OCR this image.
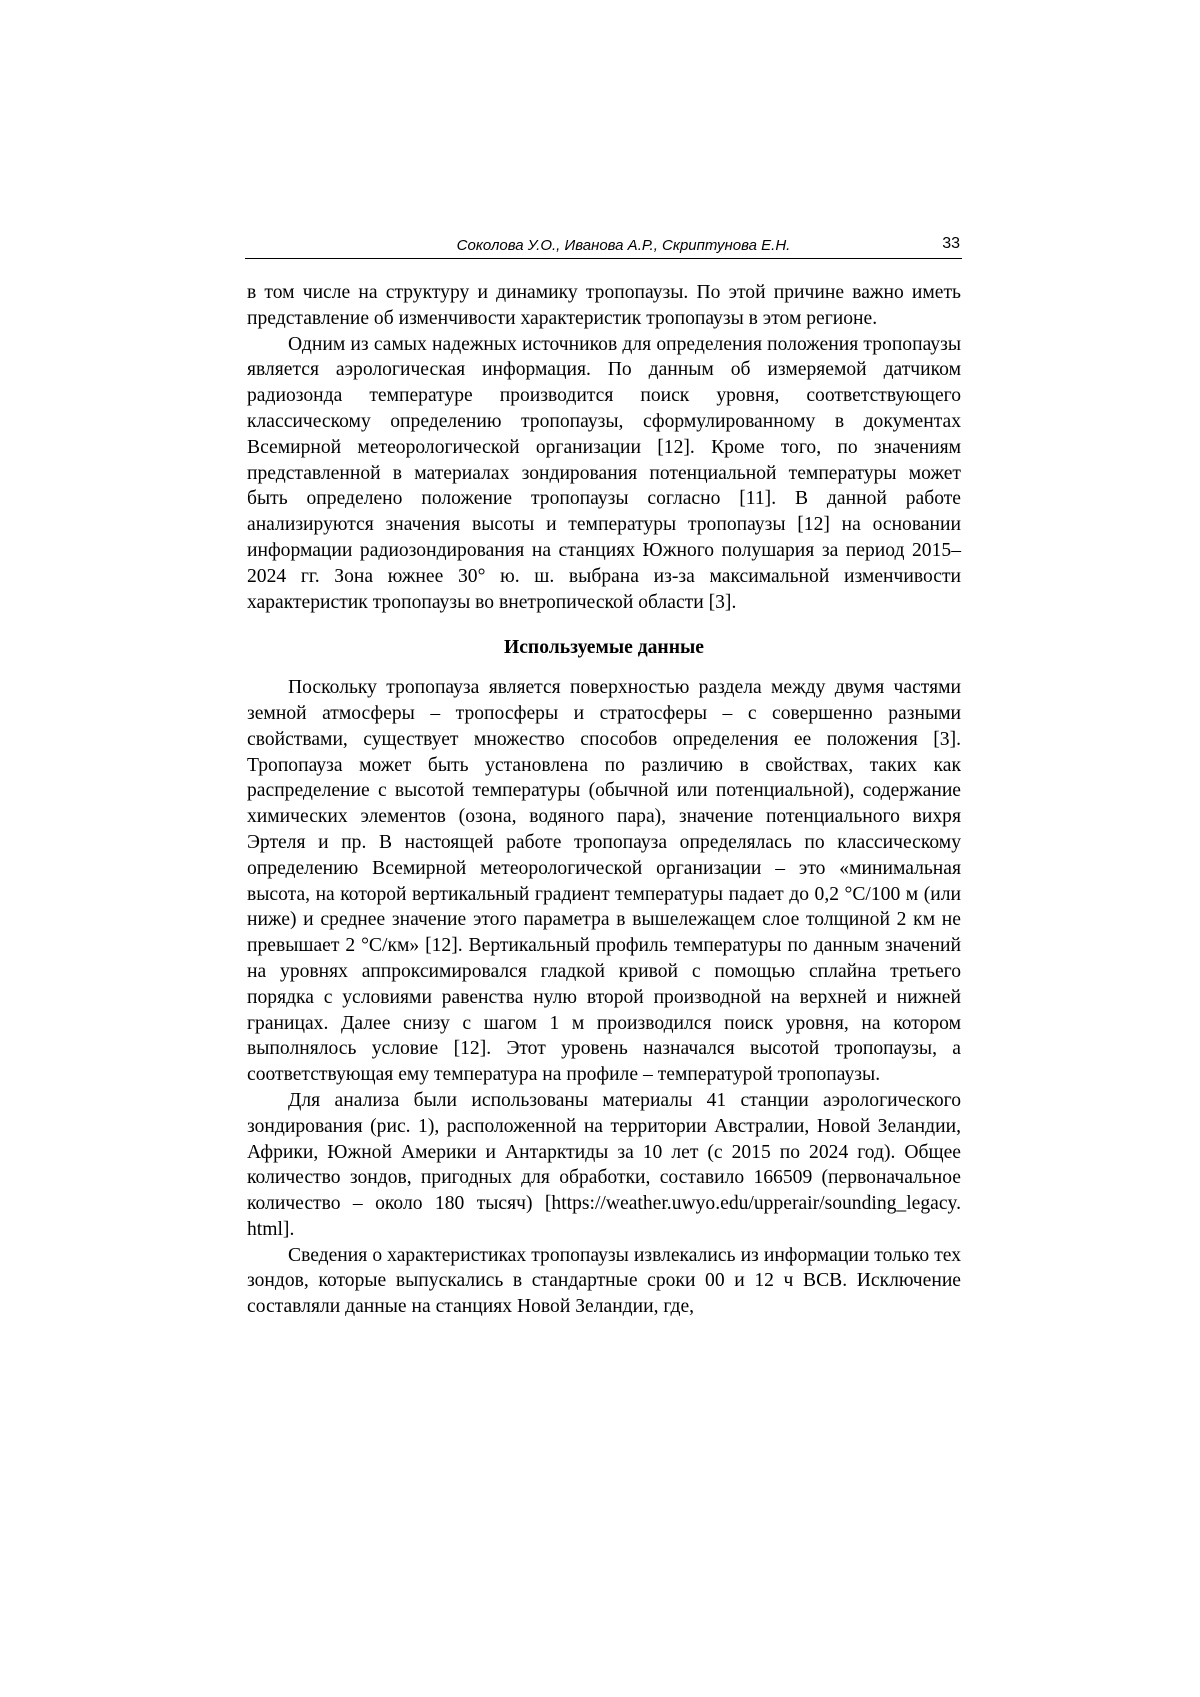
Соколова У.О., Иванова А.Р., Скриптунова Е.Н.	33

в том числе на структуру и динамику тропопаузы. По этой причине важно иметь представление об изменчивости характеристик тропопаузы в этом регионе.

Одним из самых надежных источников для определения положения тропопаузы является аэрологическая информация. По данным об измеряемой датчиком радиозонда температуре производится поиск уровня, соответствующего классическому определению тропопаузы, сформулированному в документах Всемирной метеорологической организации [12]. Кроме того, по значениям представленной в материалах зондирования потенциальной температуры может быть определено положение тропопаузы согласно [11]. В данной работе анализируются значения высоты и температуры тропопаузы [12] на основании информации радиозондирования на станциях Южного полушария за период 2015–2024 гг. Зона южнее 30° ю. ш. выбрана из-за максимальной изменчивости характеристик тропопаузы во внетропической области [3].

Используемые данные

Поскольку тропопауза является поверхностью раздела между двумя частями земной атмосферы – тропосферы и стратосферы – с совершенно разными свойствами, существует множество способов определения ее положения [3]. Тропопауза может быть установлена по различию в свойствах, таких как распределение с высотой температуры (обычной или потенциальной), содержание химических элементов (озона, водяного пара), значение потенциального вихря Эртеля и пр. В настоящей работе тропопауза определялась по классическому определению Всемирной метеорологической организации – это «минимальная высота, на которой вертикальный градиент температуры падает до 0,2 °C/100 м (или ниже) и среднее значение этого параметра в вышележащем слое толщиной 2 км не превышает 2 °C/км» [12]. Вертикальный профиль температуры по данным значений на уровнях аппроксимировался гладкой кривой с помощью сплайна третьего порядка с условиями равенства нулю второй производной на верхней и нижней границах. Далее снизу с шагом 1 м производился поиск уровня, на котором выполнялось условие [12]. Этот уровень назначался высотой тропопаузы, а соответствующая ему температура на профиле – температурой тропопаузы.

Для анализа были использованы материалы 41 станции аэрологического зондирования (рис. 1), расположенной на территории Австралии, Новой Зеландии, Африки, Южной Америки и Антарктиды за 10 лет (с 2015 по 2024 год). Общее количество зондов, пригодных для обработки, составило 166509 (первоначальное количество – около 180 тысяч) [https://weather.uwyo.edu/upperair/sounding_legacy. html].

Сведения о характеристиках тропопаузы извлекались из информации только тех зондов, которые выпускались в стандартные сроки 00 и 12 ч ВСВ. Исключение составляли данные на станциях Новой Зеландии, где,
